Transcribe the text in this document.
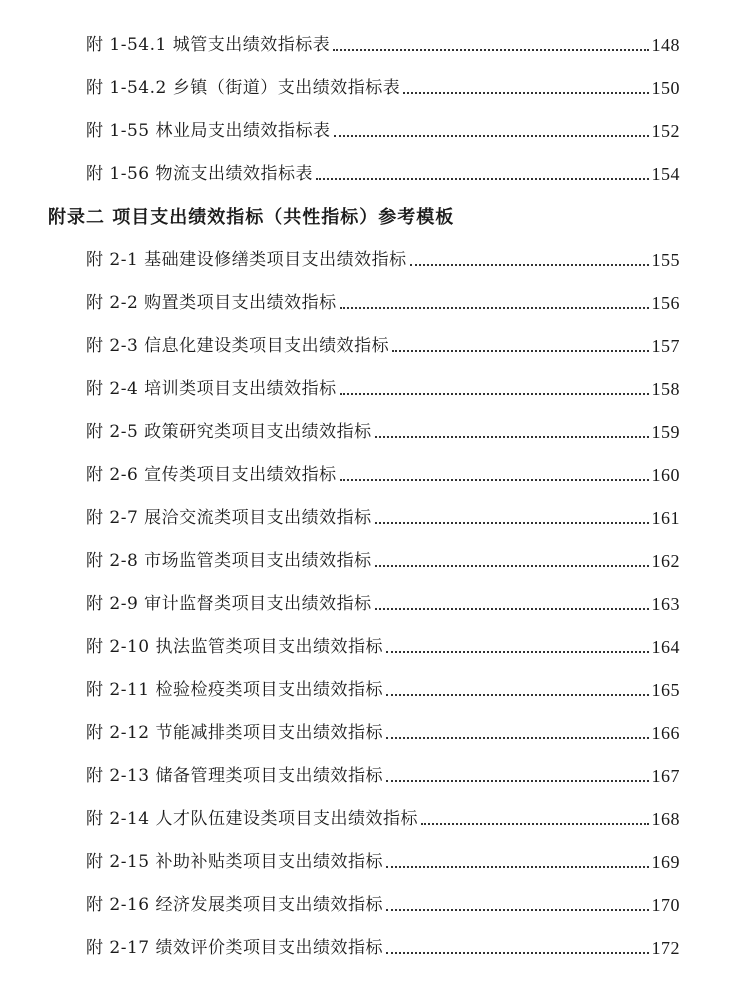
附 1-54.1 城管支出绩效指标表	148
附 1-54.2 乡镇（街道）支出绩效指标表	150
附 1-55 林业局支出绩效指标表	152
附 1-56 物流支出绩效指标表	154
附录二 项目支出绩效指标（共性指标）参考模板
附 2-1 基础建设修缮类项目支出绩效指标	155
附 2-2 购置类项目支出绩效指标	156
附 2-3 信息化建设类项目支出绩效指标	157
附 2-4 培训类项目支出绩效指标	158
附 2-5 政策研究类项目支出绩效指标	159
附 2-6 宣传类项目支出绩效指标	160
附 2-7 展洽交流类项目支出绩效指标	161
附 2-8 市场监管类项目支出绩效指标	162
附 2-9 审计监督类项目支出绩效指标	163
附 2-10 执法监管类项目支出绩效指标	164
附 2-11 检验检疫类项目支出绩效指标	165
附 2-12 节能减排类项目支出绩效指标	166
附 2-13 储备管理类项目支出绩效指标	167
附 2-14 人才队伍建设类项目支出绩效指标	168
附 2-15 补助补贴类项目支出绩效指标	169
附 2-16 经济发展类项目支出绩效指标	170
附 2-17 绩效评价类项目支出绩效指标	172
